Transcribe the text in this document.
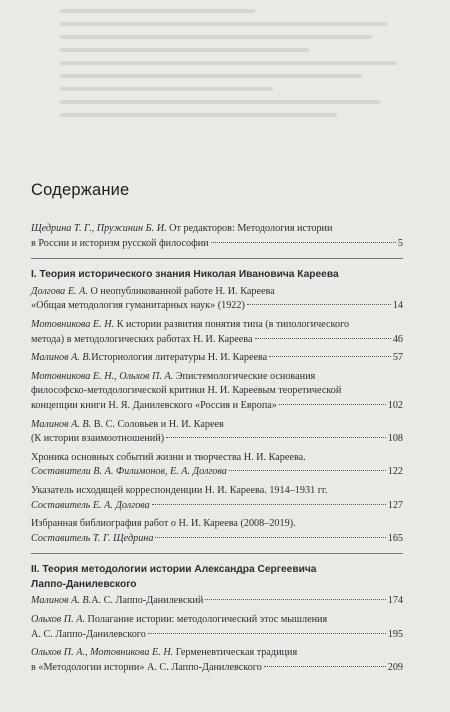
Содержание
Щедрина Т. Г., Пружинин Б. И. От редакторов: Методология истории
в России и историзм русской философии	5
I. Теория исторического знания Николая Ивановича Кареева
Долгова Е. А. О неопубликованной работе Н. И. Кареева
«Общая методология гуманитарных наук» (1922)	14
Мотовникова Е. Н. К истории развития понятия типа (в типологического
метода) в методологических работах Н. И. Кареева	46
Малинов А. В. Историология литературы Н. И. Кареева	57
Мотовникова Е. Н., Ольхов П. А. Эпистемологические основания
философско-методологической критики Н. И. Кареевым теоретической
концепции книги Н. Я. Данилевского «Россия и Европа»	102
Малинов А. В. В. С. Соловьев и Н. И. Кареев
(К истории взаимоотношений)	108
Хроника основных событий жизни и творчества Н. И. Кареева.
Составители В. А. Филимонов, Е. А. Долгова	122
Указатель исходящей корреспонденции Н. И. Кареева. 1914–1931 гг.
Составитель Е. А. Долгова	127
Избранная библиография работ о Н. И. Кареева (2008–2019).
Составитель Т. Г. Щедрина	165
II. Теория методологии истории Александра Сергеевича
Лаппо-Данилевского
Малинов А. В. А. С. Лаппо-Данилевский	174
Ольхов П. А. Полагание истории: методологический этос мышления
А. С. Лаппо-Данилевского	195
Ольхов П. А., Мотовникова Е. Н. Герменевтическая традиция
в «Методологии истории» А. С. Лаппо-Данилевского	209
